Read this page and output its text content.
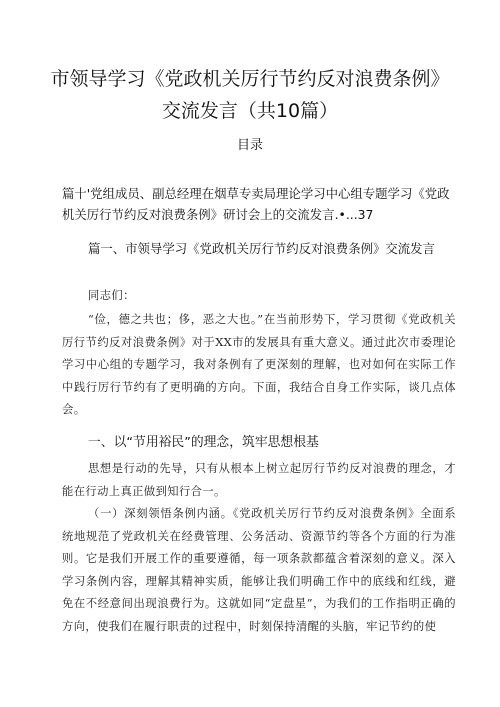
市领导学习《党政机关厉行节约反对浪费条例》
交流发言（共10篇）
目录
篇十'党组成员、副总经理在烟草专卖局理论学习中心组专题学习《党政机关厉行节约反对浪费条例》研讨会上的交流发言.•...37
篇一、市领导学习《党政机关厉行节约反对浪费条例》交流发言
同志们：
“俭，德之共也；侈，恶之大也。”在当前形势下，学习贯彻《党政机关厉行节约反对浪费条例》对于XX市的发展具有重大意义。通过此次市委理论学习中心组的专题学习，我对条例有了更深刻的理解，也对如何在实际工作中践行厉行节约有了更明确的方向。下面，我结合自身工作实际，谈几点体会。
一、以“节用裕民”的理念，筑牢思想根基
思想是行动的先导，只有从根本上树立起厉行节约反对浪费的理念，才能在行动上真正做到知行合一。
（一）深刻领悟条例内涵。《党政机关厉行节约反对浪费条例》全面系统地规范了党政机关在经费管理、公务活动、资源节约等各个方面的行为准则。它是我们开展工作的重要遵循，每一项条款都蕴含着深刻的意义。深入学习条例内容，理解其精神实质，能够让我们明确工作中的底线和红线，避免在不经意间出现浪费行为。这就如同“定盘星”，为我们的工作指明正确的方向，使我们在履行职责的过程中，时刻保持清醒的头脑，牢记节约的使
